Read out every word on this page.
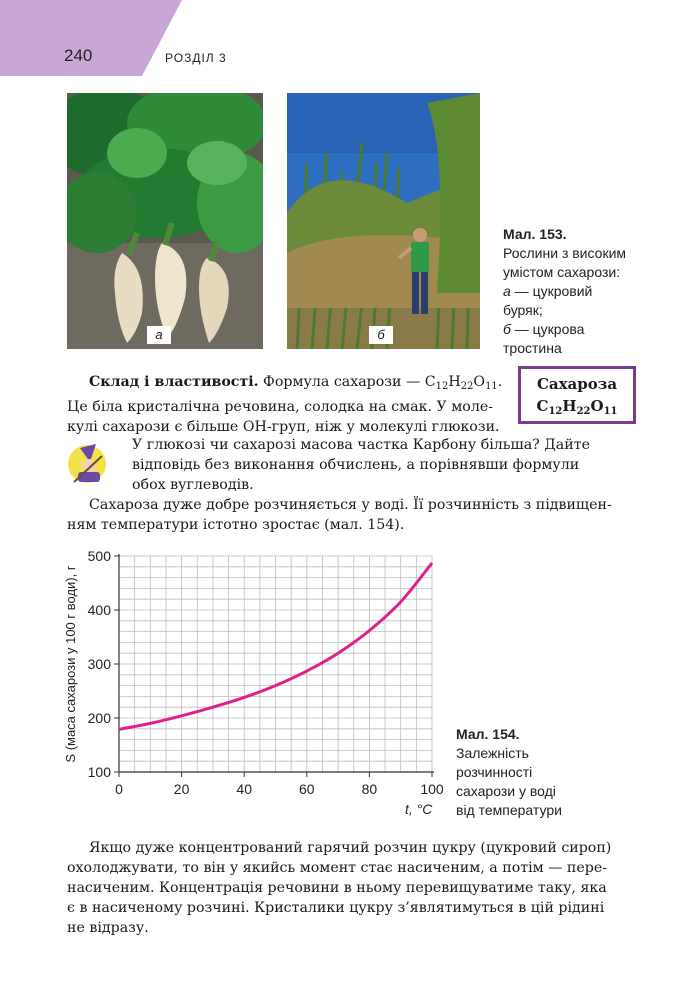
240	РОЗДІЛ 3
а	б
Мал. 153.
Рослини з високим
умістом сахарози:
а — цукровий
буряк;
б — цукрова
тростина

Склад і властивості. Формула сахарози — $C_{12}H_{22}O_{11}$.

Це біла кристалічна речовина, солодка на смак. У моле-

кулі сахарози є більше ОН-груп, ніж у молекулі глюкози.

Сахароза
$C_{12}H_{22}O_{11}$

У глюкозі чи сахарозі масова частка Карбону більша? Дайте

відповідь без виконання обчислень, а порівнявши формули

обох вуглеводів.

Сахароза дуже добре розчиняється у воді. Її розчинність з підвищен-

ням температури істотно зростає (мал. 154).

0	20	40	60	80	100
100
200
300
400
500
S (маса сахарози у 100 г води), г
t, °C
Мал. 154.
Залежність
розчинності
сахарози у воді
від температури

Якщо дуже концентрований гарячий розчин цукру (цукровий сироп)

охолоджувати, то він у якийсь момент стає насиченим, а потім — пере-

насиченим. Концентрація речовини в ньому перевищуватиме таку, яка

є в насиченому розчині. Кристалики цукру з’являтимуться в цій рідині

не відразу.
